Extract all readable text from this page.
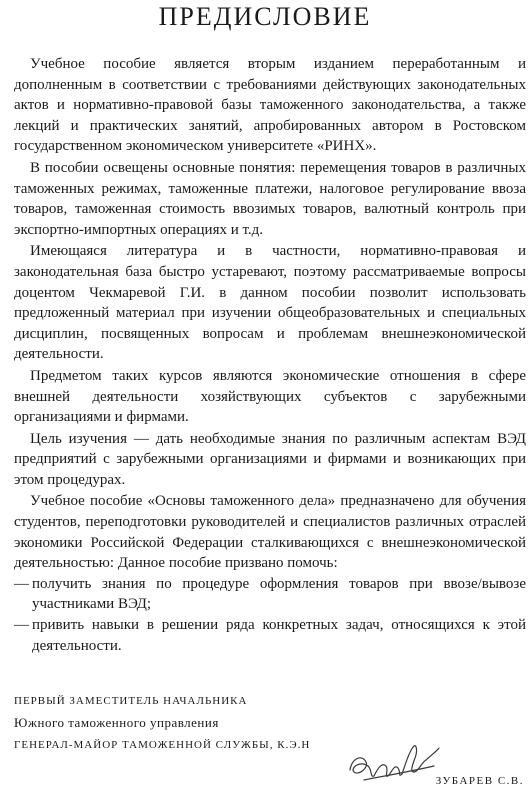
ПРЕДИСЛОВИЕ

Учебное пособие является вторым изданием переработанным и дополненным в соответствии с требованиями действующих законодательных актов и нормативно-правовой базы таможенного законодательства, а также лекций и практических занятий, апробированных автором в Ростовском государственном экономическом университете «РИНХ».

В пособии освещены основные понятия: перемещения товаров в различных таможенных режимах, таможенные платежи, налоговое регулирование ввоза товаров, таможенная стоимость ввозимых товаров, валютный контроль при экспортно-импортных операциях и т.д.

Имеющаяся литература и в частности, нормативно-правовая и законодательная база быстро устаревают, поэтому рассматриваемые вопросы доцентом Чекмаревой Г.И. в данном пособии позволит использовать предложенный материал при изучении общеобразовательных и специальных дисциплин, посвященных вопросам и проблемам внешнеэкономической деятельности.

Предметом таких курсов являются экономические отношения в сфере внешней деятельности хозяйствующих субъектов с зарубежными организациями и фирмами.

Цель изучения — дать необходимые знания по различным аспектам ВЭД предприятий с зарубежными организациями и фирмами и возникающих при этом процедурах.

Учебное пособие «Основы таможенного дела» предназначено для обучения студентов, переподготовки руководителей и специалистов различных отраслей экономики Российской Федерации сталкивающихся с внешнеэкономической деятельностью: Данное пособие призвано помочь:

— получить знания по процедуре оформления товаров при ввозе/вывозе участниками ВЭД;
— привить навыки в решении ряда конкретных задач, относящихся к этой деятельности.
ПЕРВЫЙ ЗАМЕСТИТЕЛЬ НАЧАЛЬНИКА
Южного таможенного управления
ГЕНЕРАЛ-МАЙОР ТАМОЖЕННОЙ СЛУЖБЫ, К.Э.Н
ЗУБАРЕВ С.В.
